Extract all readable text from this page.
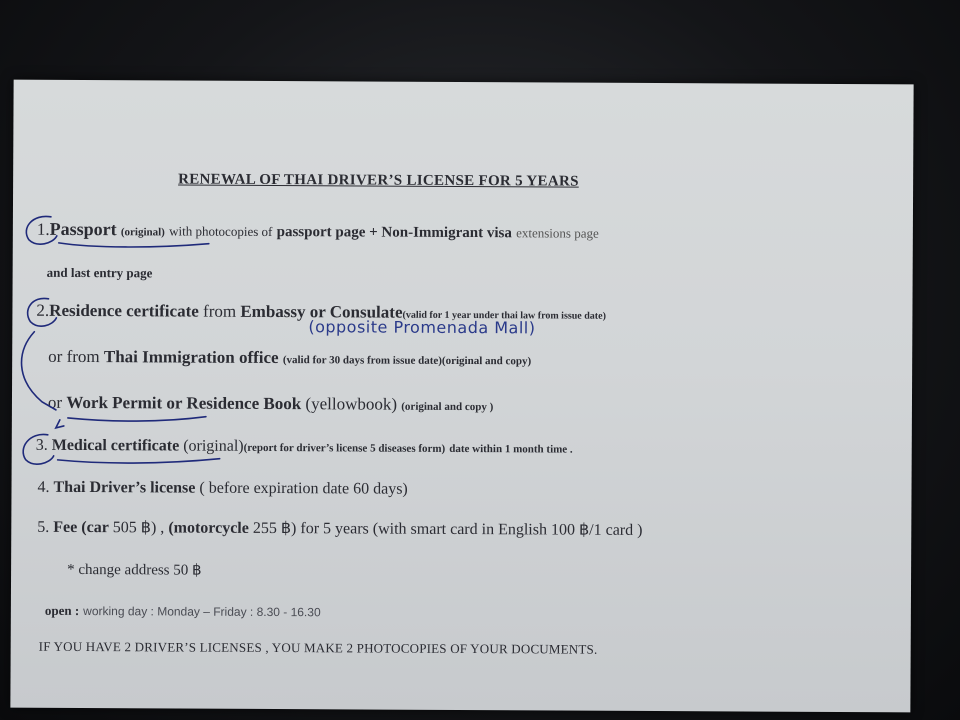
RENEWAL OF THAI DRIVER’S LICENSE FOR 5 YEARS
1.Passport (original) with photocopies of passport page + Non-Immigrant visa extensions page
and last entry page
2.Residence certificate from Embassy or Consulate(valid for 1 year under thai law from issue date)
(opposite Promenada Mall)
or from Thai Immigration office (valid for 30 days from issue date)(original and copy)
or Work Permit or Residence Book (yellowbook) (original and copy )
3. Medical certificate (original)(report for driver’s license 5 diseases form) date within 1 month time .
4. Thai Driver’s license ( before expiration date 60 days)
5. Fee (car 505 ฿) , (motorcycle 255 ฿) for 5 years (with smart card in English 100 ฿/1 card )
* change address 50 ฿
open : working day : Monday – Friday : 8.30 - 16.30
IF YOU HAVE 2 DRIVER’S LICENSES , YOU MAKE 2 PHOTOCOPIES OF YOUR DOCUMENTS.
